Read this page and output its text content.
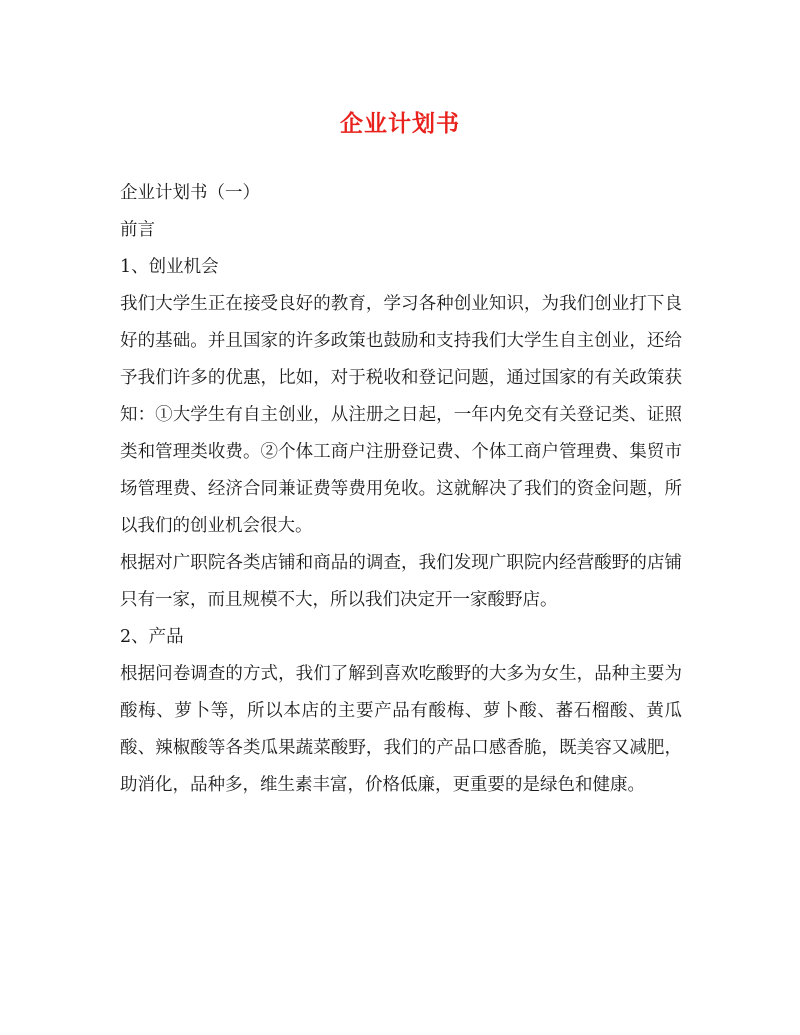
企业计划书

企业计划书（一）

前言

1、创业机会

我们大学生正在接受良好的教育，学习各种创业知识，为我们创业打下良好的基础。并且国家的许多政策也鼓励和支持我们大学生自主创业，还给予我们许多的优惠，比如，对于税收和登记问题，通过国家的有关政策获知：①大学生有自主创业，从注册之日起，一年内免交有关登记类、证照类和管理类收费。②个体工商户注册登记费、个体工商户管理费、集贸市场管理费、经济合同兼证费等费用免收。这就解决了我们的资金问题，所以我们的创业机会很大。

根据对广职院各类店铺和商品的调查，我们发现广职院内经营酸野的店铺只有一家，而且规模不大，所以我们决定开一家酸野店。

2、产品

根据问卷调查的方式，我们了解到喜欢吃酸野的大多为女生，品种主要为酸梅、萝卜等，所以本店的主要产品有酸梅、萝卜酸、蕃石榴酸、黄瓜酸、辣椒酸等各类瓜果蔬菜酸野，我们的产品口感香脆，既美容又减肥，助消化，品种多，维生素丰富，价格低廉，更重要的是绿色和健康。
